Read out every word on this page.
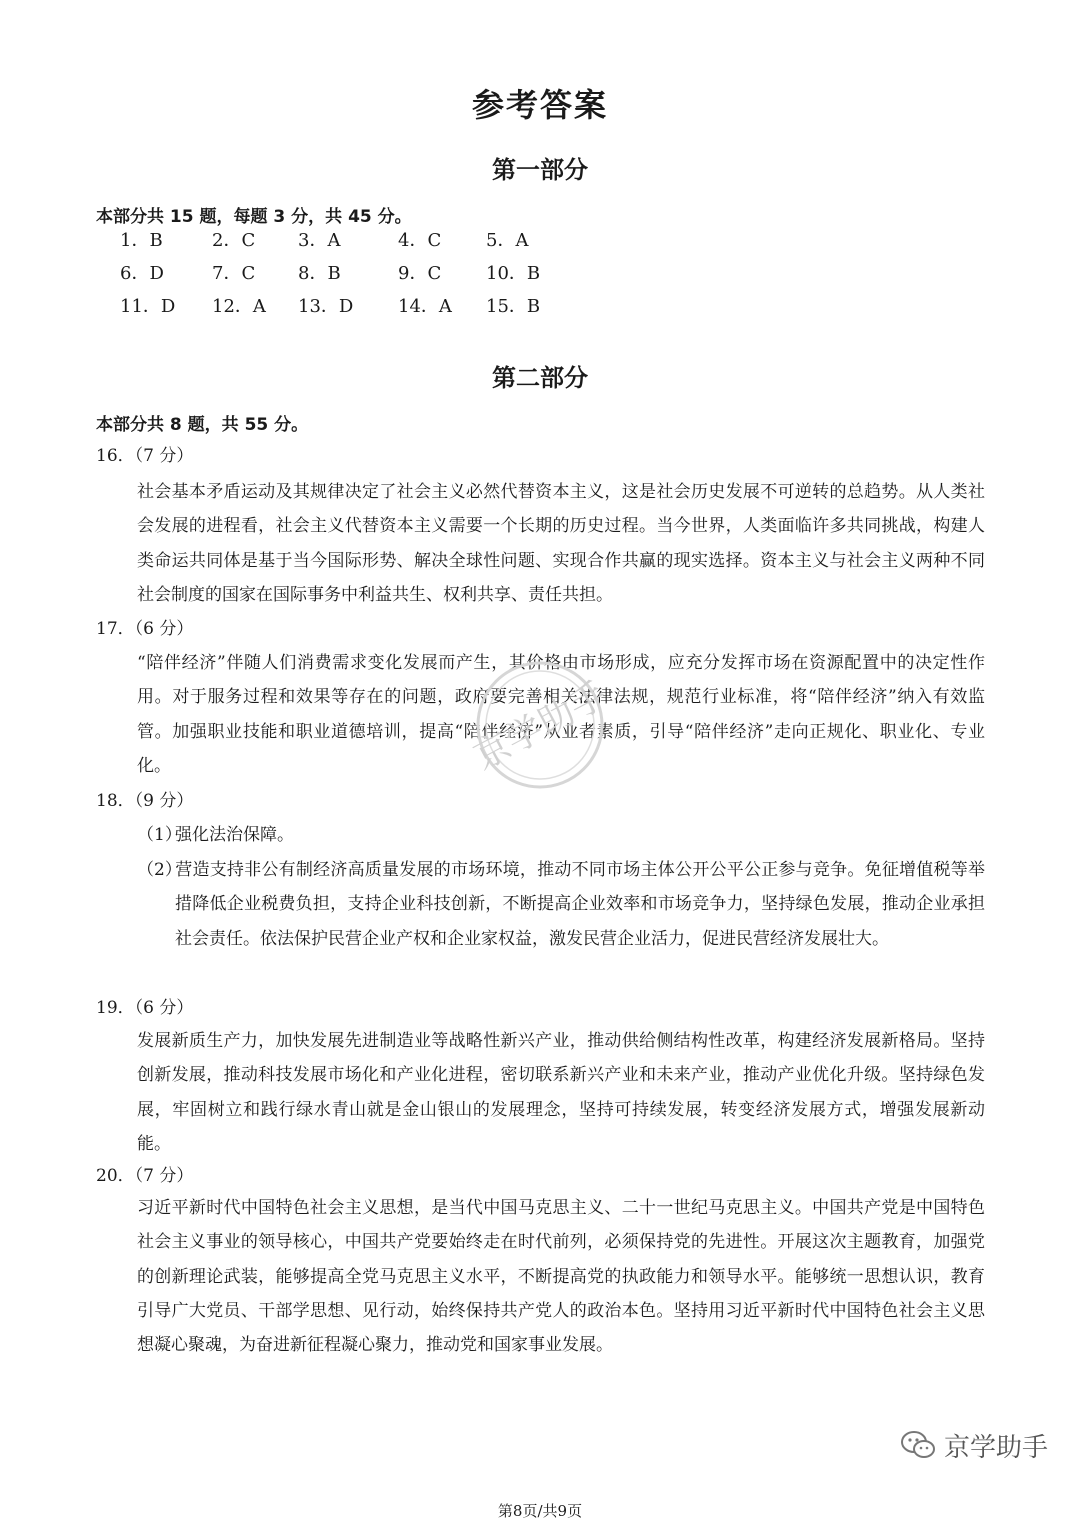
参考答案
第一部分
本部分共 15 题，每题 3 分，共 45 分。
1．B	2．C	3．A	4．C	5．A
6．D	7．C	8．B	9．C	10．B
11．D	12．A	13．D	14．A	15．B
第二部分
本部分共 8 题，共 55 分。
16．（7 分）
社会基本矛盾运动及其规律决定了社会主义必然代替资本主义，这是社会历史发展不可逆转的总趋势。从人类社会发展的进程看，社会主义代替资本主义需要一个长期的历史过程。当今世界，人类面临许多共同挑战，构建人类命运共同体是基于当今国际形势、解决全球性问题、实现合作共赢的现实选择。资本主义与社会主义两种不同社会制度的国家在国际事务中利益共生、权利共享、责任共担。
17．（6 分）
“陪伴经济”伴随人们消费需求变化发展而产生，其价格由市场形成，应充分发挥市场在资源配置中的决定性作用。对于服务过程和效果等存在的问题，政府要完善相关法律法规，规范行业标准，将“陪伴经济”纳入有效监管。加强职业技能和职业道德培训，提高“陪伴经济”从业者素质，引导“陪伴经济”走向正规化、职业化、专业化。
18．（9 分）
（1）强化法治保障。
（2）营造支持非公有制经济高质量发展的市场环境，推动不同市场主体公开公平公正参与竞争。免征增值税等举措降低企业税费负担，支持企业科技创新，不断提高企业效率和市场竞争力，坚持绿色发展，推动企业承担社会责任。依法保护民营企业产权和企业家权益，激发民营企业活力，促进民营经济发展壮大。
19．（6 分）
发展新质生产力，加快发展先进制造业等战略性新兴产业，推动供给侧结构性改革，构建经济发展新格局。坚持创新发展，推动科技发展市场化和产业化进程，密切联系新兴产业和未来产业，推动产业优化升级。坚持绿色发展，牢固树立和践行绿水青山就是金山银山的发展理念，坚持可持续发展，转变经济发展方式，增强发展新动能。
20．（7 分）
习近平新时代中国特色社会主义思想，是当代中国马克思主义、二十一世纪马克思主义。中国共产党是中国特色社会主义事业的领导核心，中国共产党要始终走在时代前列，必须保持党的先进性。开展这次主题教育，加强党的创新理论武装，能够提高全党马克思主义水平，不断提高党的执政能力和领导水平。能够统一思想认识，教育引导广大党员、干部学思想、见行动，始终保持共产党人的政治本色。坚持用习近平新时代中国特色社会主义思想凝心聚魂，为奋进新征程凝心聚力，推动党和国家事业发展。
京学助手
京学助手
第8页/共9页
